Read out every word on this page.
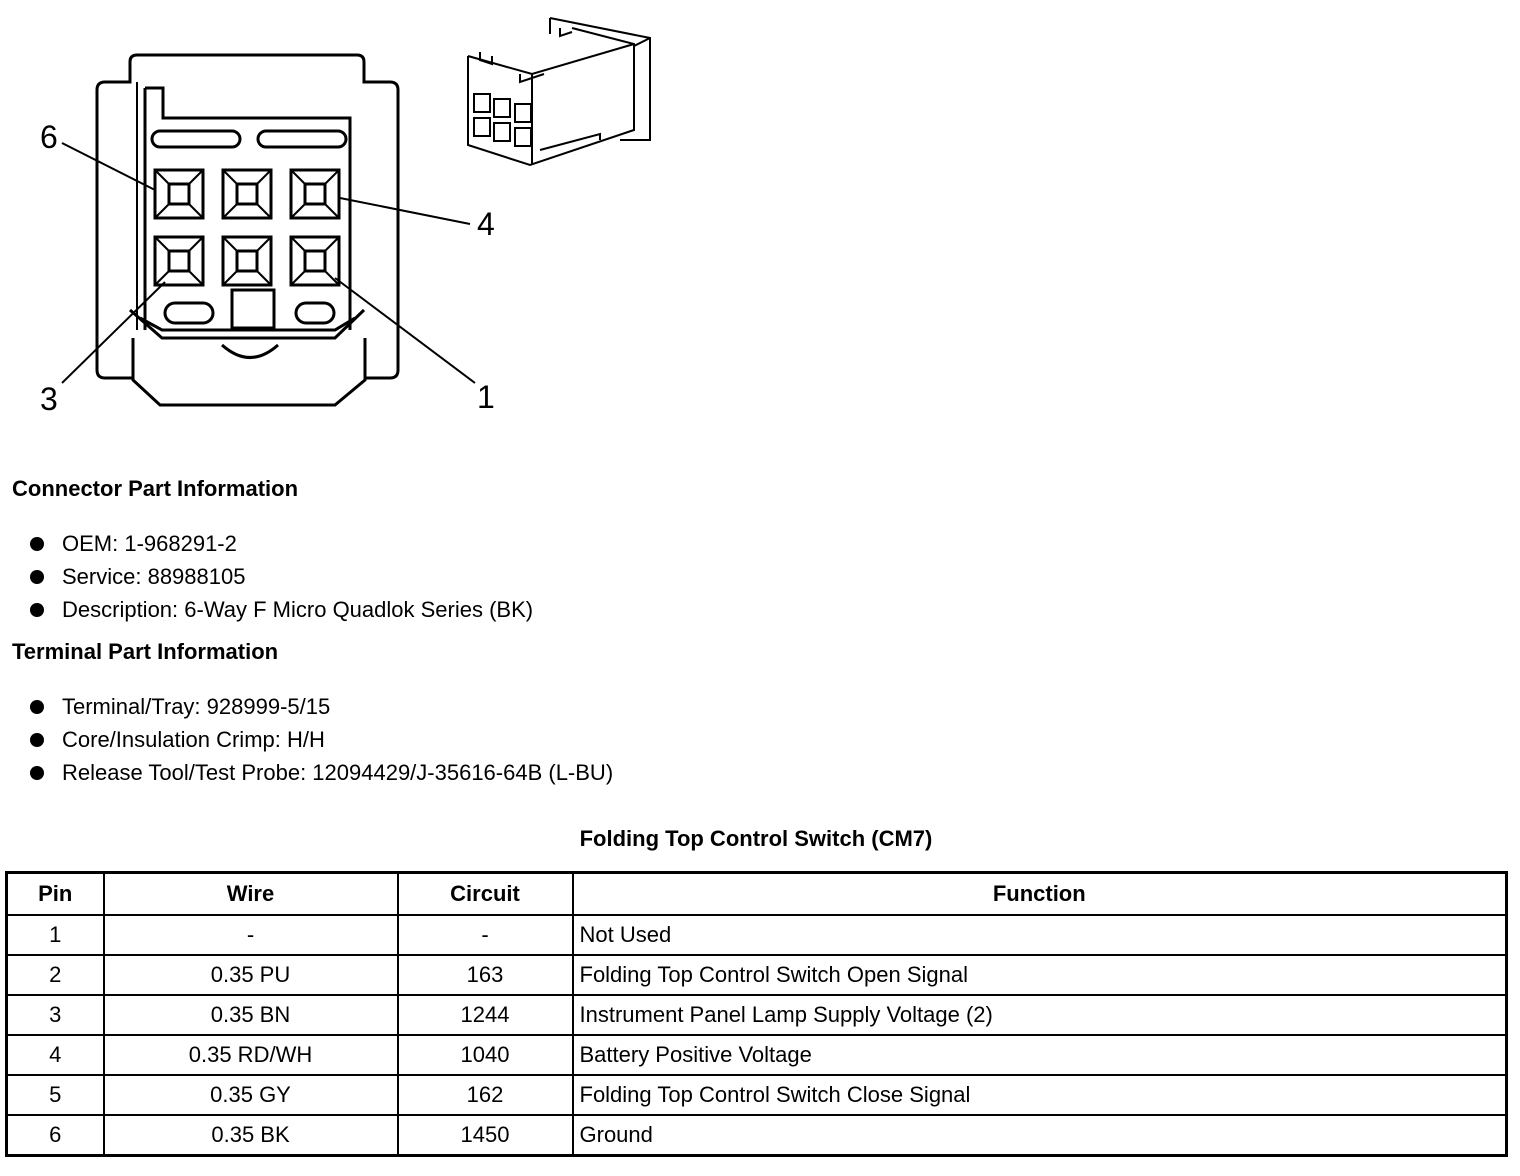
6
4
3	1
Connector Part Information
OEM: 1-968291-2
Service: 88988105
Description: 6-Way F Micro Quadlok Series (BK)
Terminal Part Information
Terminal/Tray: 928999-5/15
Core/Insulation Crimp: H/H
Release Tool/Test Probe: 12094429/J-35616-64B (L-BU)
Folding Top Control Switch (CM7)
Pin	Wire	Circuit	Function
1	-	-	Not Used
2	0.35 PU	163	Folding Top Control Switch Open Signal
3	0.35 BN	1244	Instrument Panel Lamp Supply Voltage (2)
4	0.35 RD/WH	1040	Battery Positive Voltage
5	0.35 GY	162	Folding Top Control Switch Close Signal
6	0.35 BK	1450	Ground
